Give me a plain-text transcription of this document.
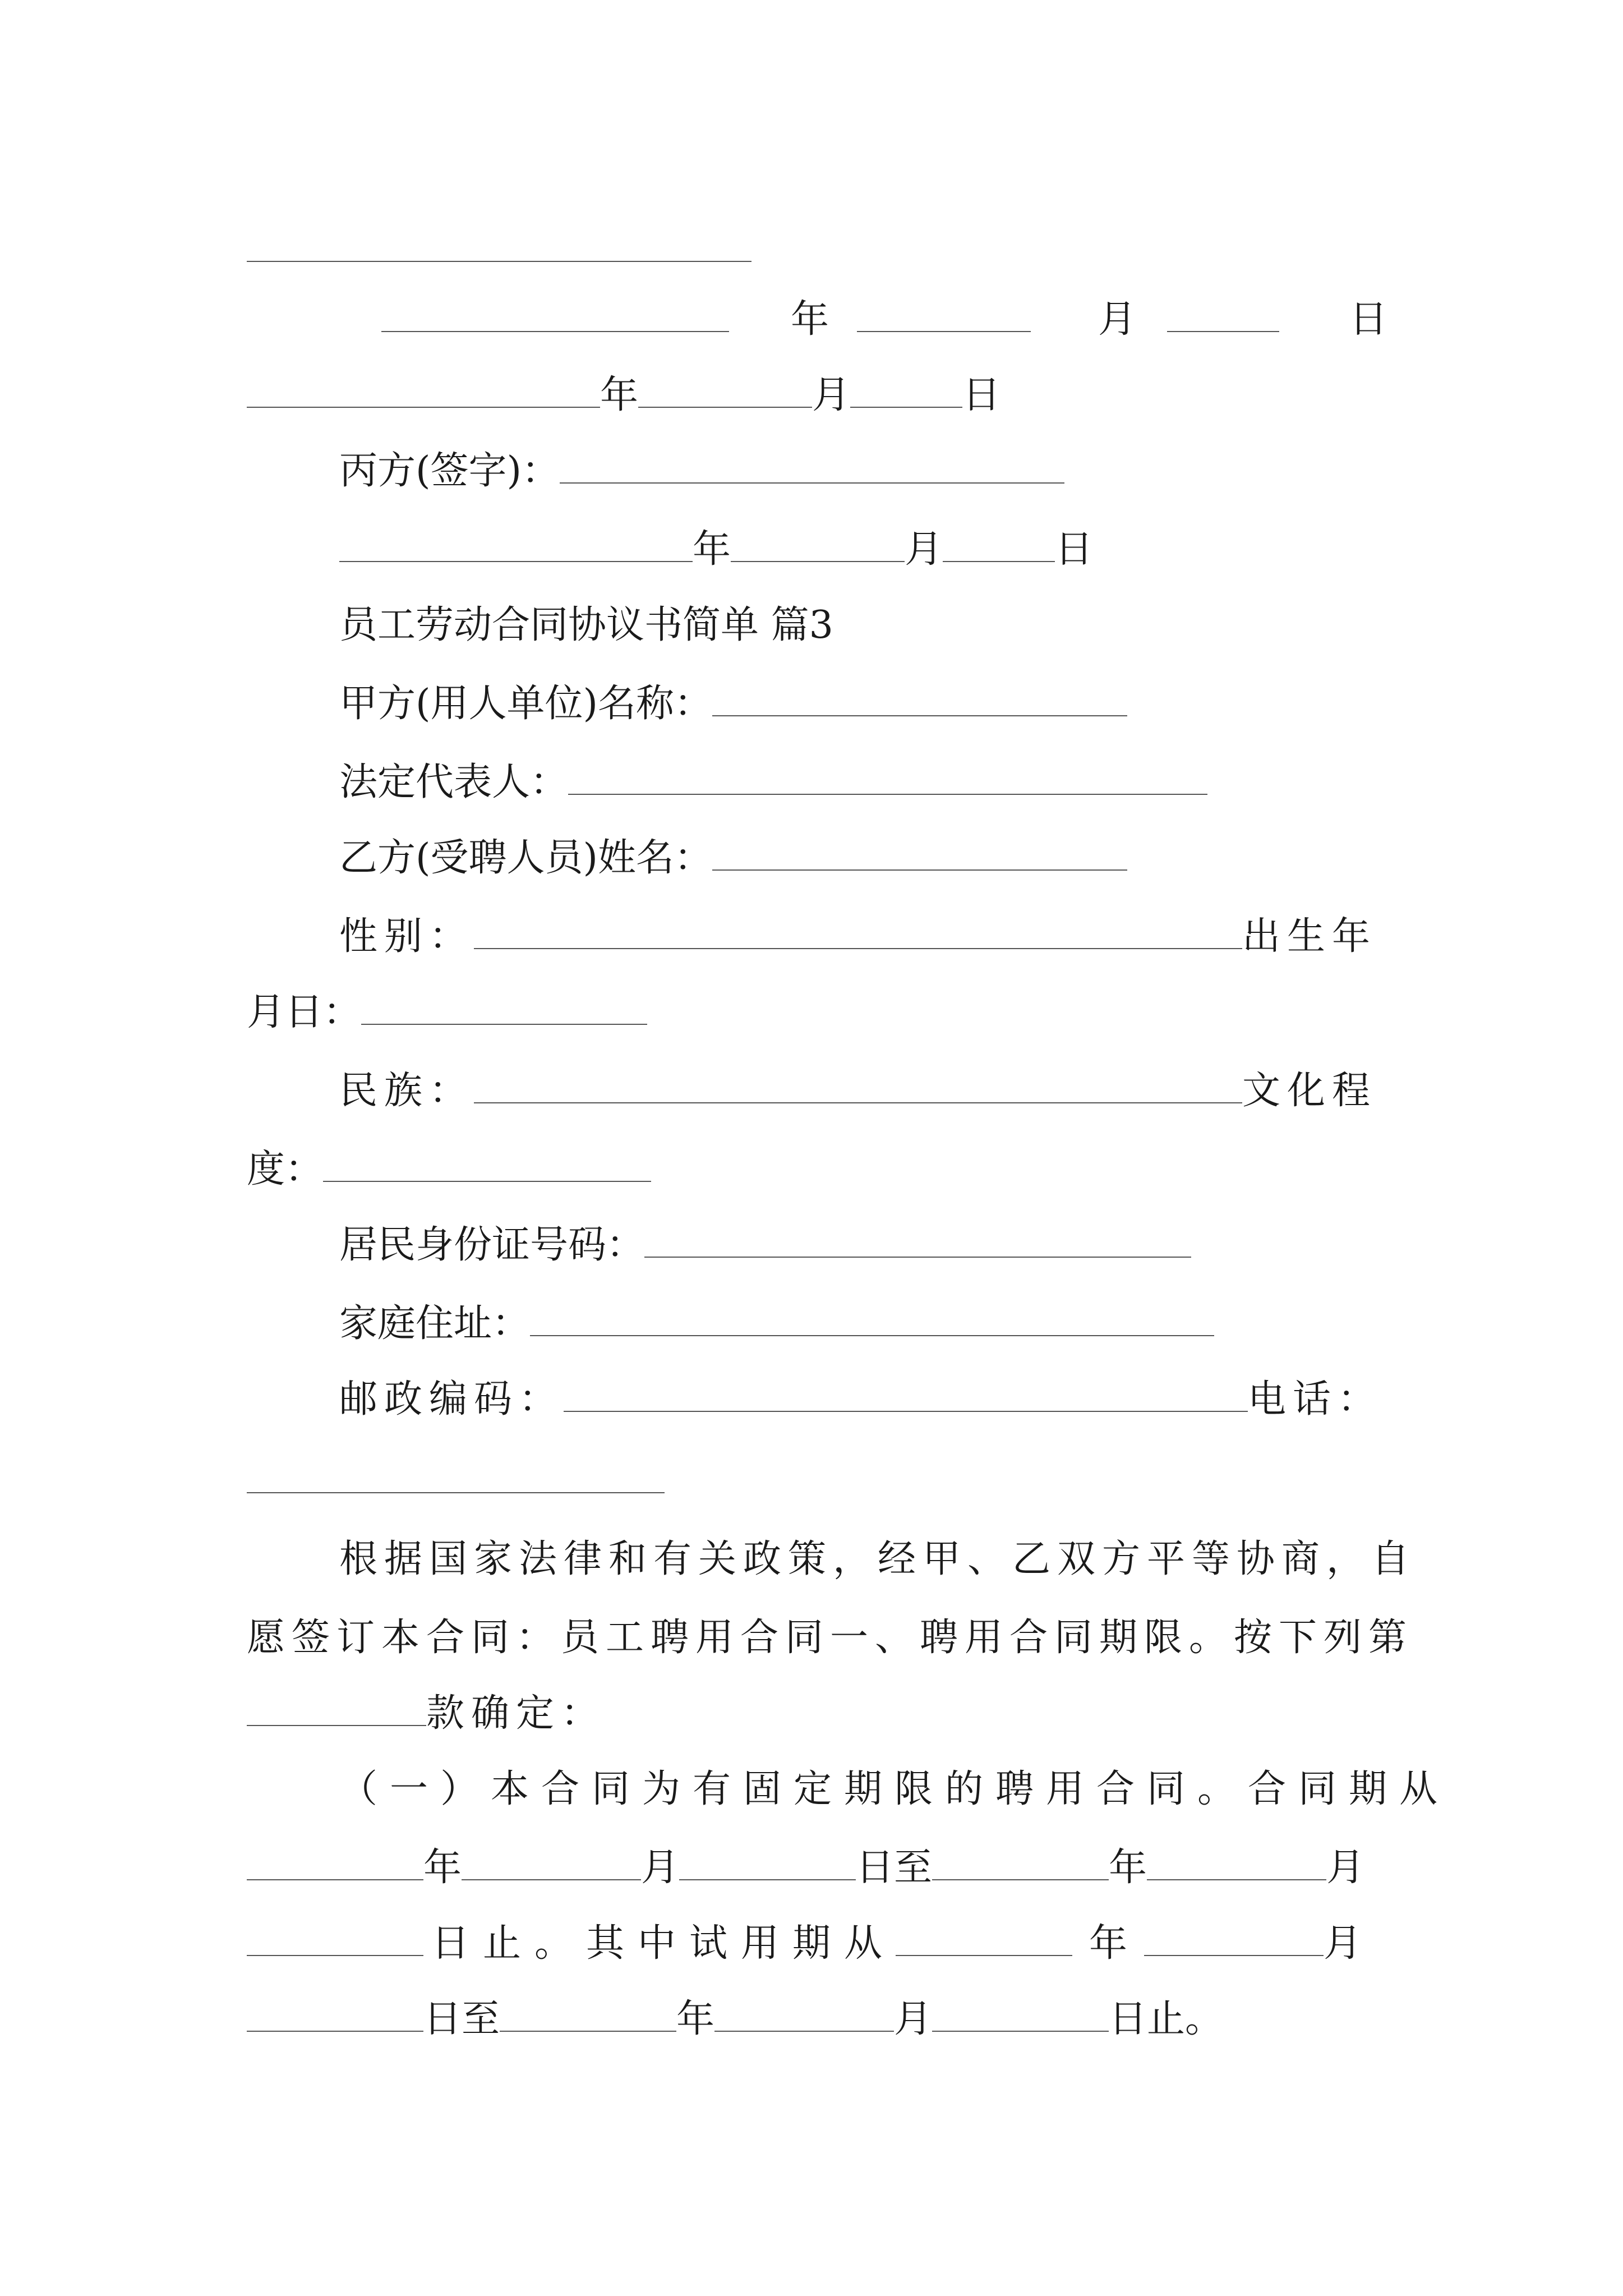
年	月	日
年	月	日
丙方(签字)：
年	月	日
员工劳动合同协议书简单 篇3
甲方(用人单位)名称：
法定代表人：
乙方(受聘人员)姓名：
性别：	出生年
月日：
民族：	文化程
度：
居民身份证号码：
家庭住址：
邮政编码：	电话：
根据国家法律和有关政策，经甲、乙双方平等协商，自
愿签订本合同：员工聘用合同一、聘用合同期限。按下列第
款确定：
（一）本合同为有固定期限的聘用合同。合同期从
年	月	日至	年	月
日止。其中试用期从	年	月
日至	年	月	日止。
